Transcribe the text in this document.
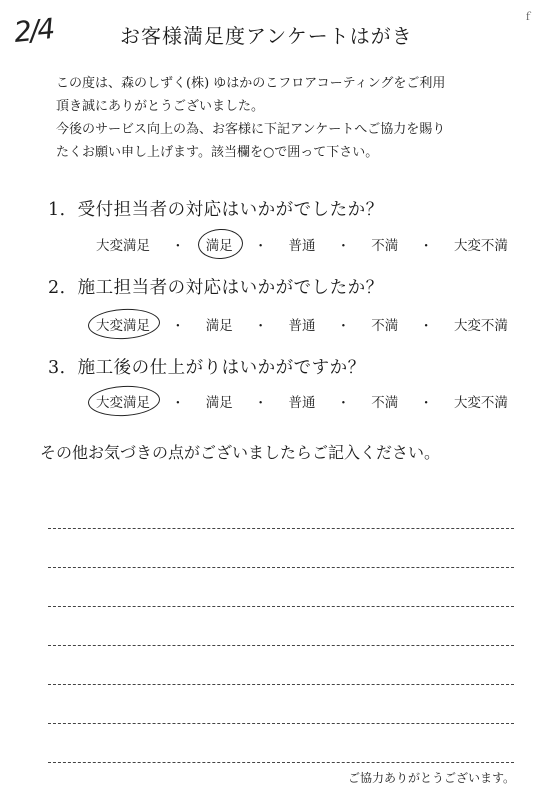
2/4	お客様満足度アンケートはがき
ｆ
この度は、森のしずく(株) ゆはかのこフロアコーティングをご利用
頂き誠にありがとうございました。
今後のサービス向上の為、お客様に下記アンケートへご協力を賜り
たくお願い申し上げます。該当欄を○で囲って下さい。
1．受付担当者の対応はいかがでしたか？
大変満足	・ 満足	・ 普通	・ 不満	・ 大変不満
2．施工担当者の対応はいかがでしたか？
大変満足	・ 満足	・ 普通	・ 不満	・ 大変不満
3．施工後の仕上がりはいかがですか？
大変満足	・ 満足	・ 普通	・ 不満	・ 大変不満
その他お気づきの点がございましたらご記入ください。
ご協力ありがとうございます。
